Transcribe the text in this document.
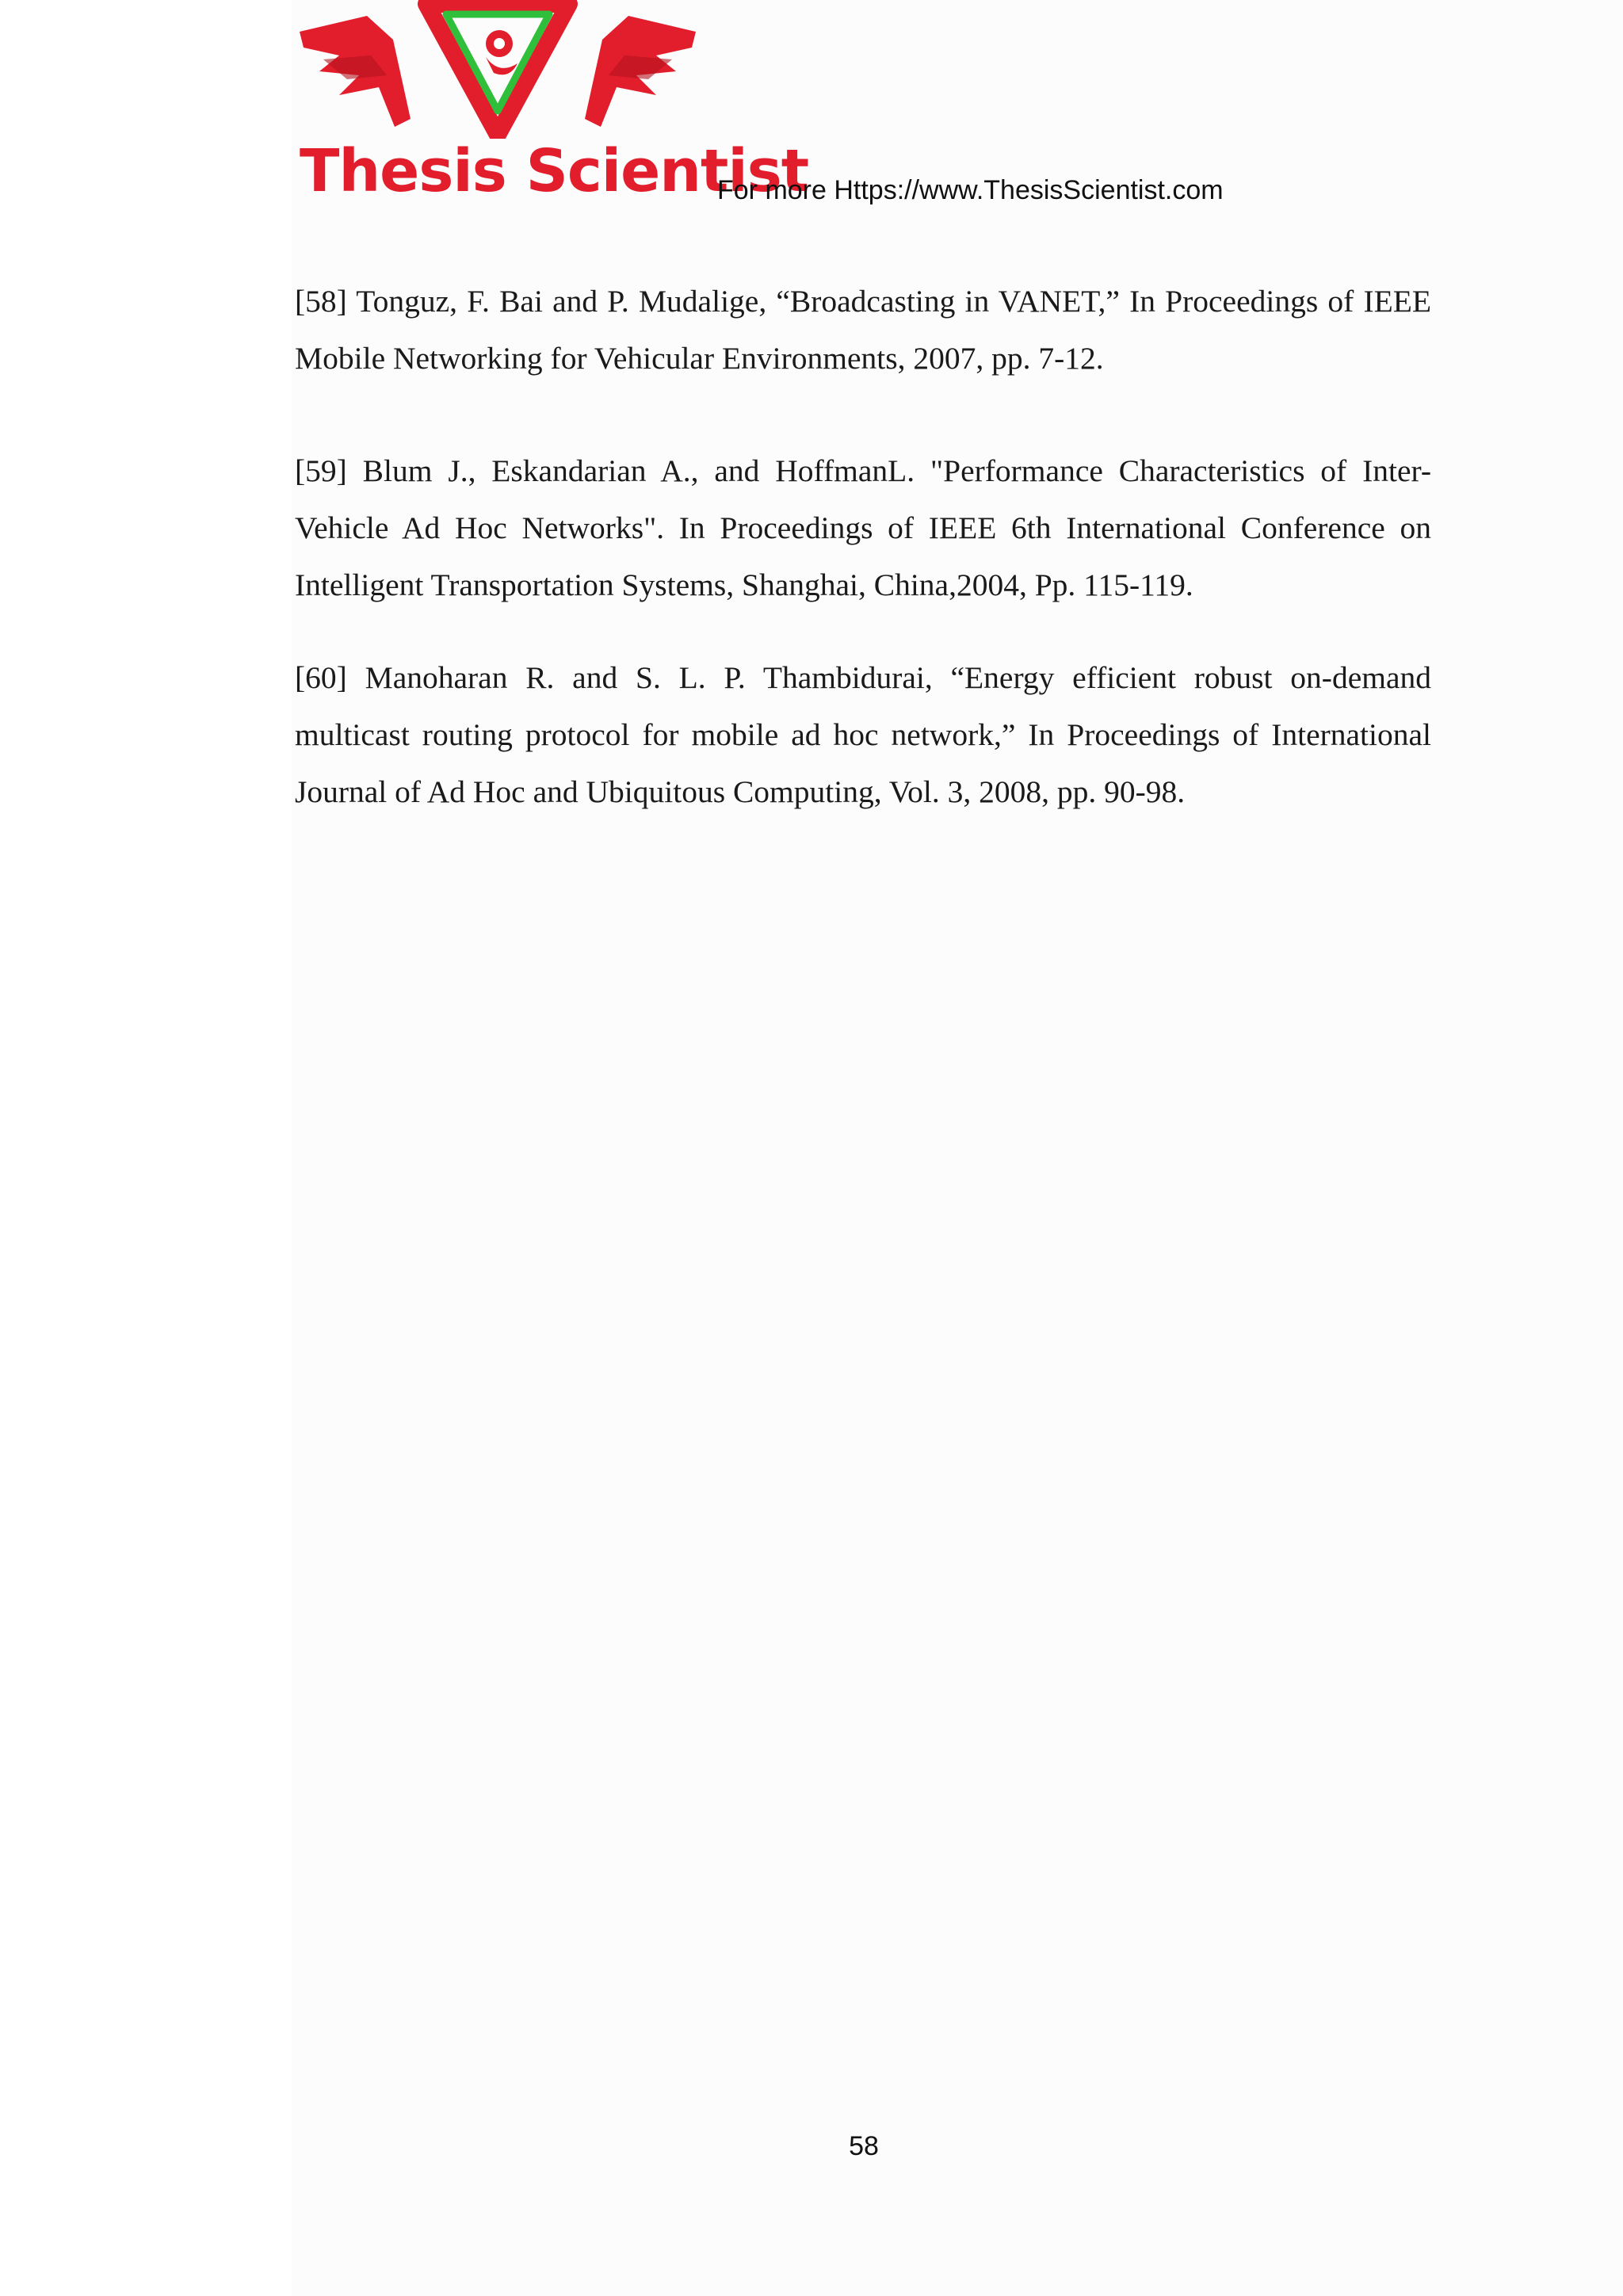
Thesis Scientist
For more Https://www.ThesisScientist.com

[58] Tonguz, F. Bai and P. Mudalige, “Broadcasting in VANET,” In Proceedings of IEEE Mobile Networking for Vehicular Environments, 2007, pp. 7-12.

[59] Blum J., Eskandarian A., and HoffmanL. "Performance Characteristics of Inter-Vehicle Ad Hoc Networks". In Proceedings of IEEE 6th International Conference on Intelligent Transportation Systems, Shanghai, China,2004, Pp. 115-119.

[60] Manoharan R. and S. L. P. Thambidurai, “Energy efficient robust on-demand multicast routing protocol for mobile ad hoc network,” In Proceedings of International Journal of Ad Hoc and Ubiquitous Computing, Vol. 3, 2008, pp. 90-98.

58
